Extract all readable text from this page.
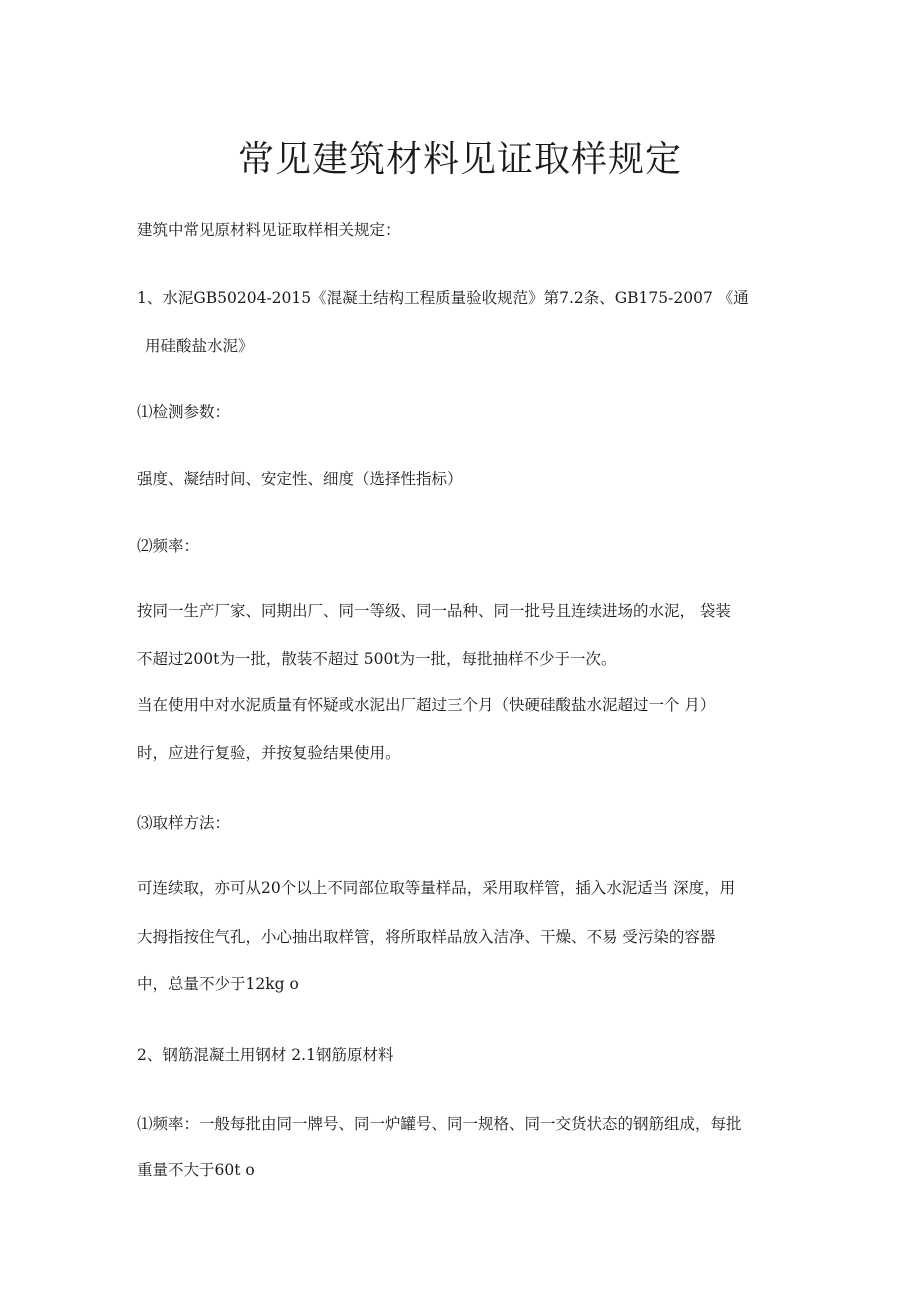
常见建筑材料见证取样规定
建筑中常见原材料见证取样相关规定：
1、水泥GB50204-2015《混凝土结构工程质量验收规范》第7.2条、GB175-2007 《通
用硅酸盐水泥》
⑴检测参数：
强度、凝结时间、安定性、细度（选择性指标）
⑵频率：
按同一生产厂家、同期出厂、同一等级、同一品种、同一批号且连续进场的水泥， 袋装
不超过200t为一批，散装不超过 500t为一批，每批抽样不少于一次。
当在使用中对水泥质量有怀疑或水泥出厂超过三个月（快硬硅酸盐水泥超过一个 月）
时，应进行复验，并按复验结果使用。
⑶取样方法：
可连续取，亦可从20个以上不同部位取等量样品，采用取样管，插入水泥适当 深度，用
大拇指按住气孔，小心抽出取样管，将所取样品放入洁净、干燥、不易 受污染的容器
中，总量不少于12kg o
2、钢筋混凝土用钢材 2.1钢筋原材料
⑴频率：一般每批由同一牌号、同一炉罐号、同一规格、同一交货状态的钢筋组成，每批
重量不大于60t o
